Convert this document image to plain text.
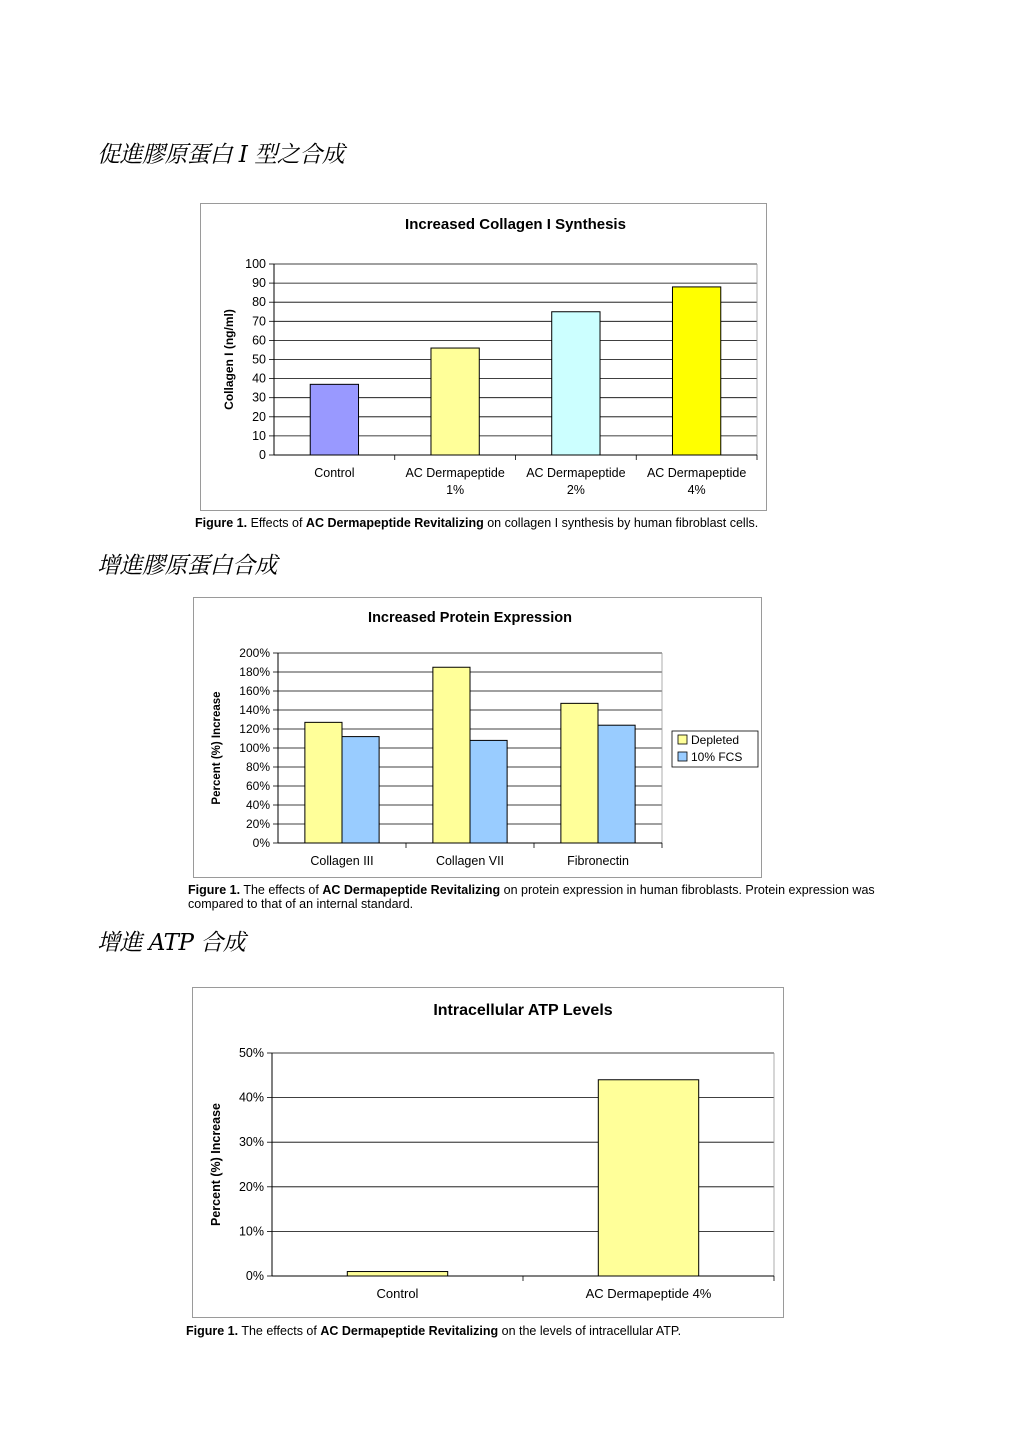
促進膠原蛋白 I 型之合成
Increased Collagen I Synthesis
0
10
20
30
40
50
60
70
80
90
100
Collagen I (ng/ml)
Control	AC Dermapeptide
1%
AC Dermapeptide
2%
AC Dermapeptide
4%
Figure 1. Effects of AC Dermapeptide Revitalizing on collagen I synthesis by human fibroblast cells.
增進膠原蛋白合成
Increased Protein Expression
0%
20%
40%
60%
80%
100%
120%
140%
160%
180%
200%
Percent (%) Increase
Collagen III	Collagen VII	Fibronectin
Depleted
10% FCS
Figure 1. The effects of AC Dermapeptide Revitalizing on protein expression in human fibroblasts. Protein expression was compared to that of an internal standard.
增進 ATP 合成
Intracellular ATP Levels
0%
10%
20%
30%
40%
50%
Percent (%) Increase
Control	AC Dermapeptide 4%
Figure 1. The effects of AC Dermapeptide Revitalizing on the levels of intracellular ATP.
